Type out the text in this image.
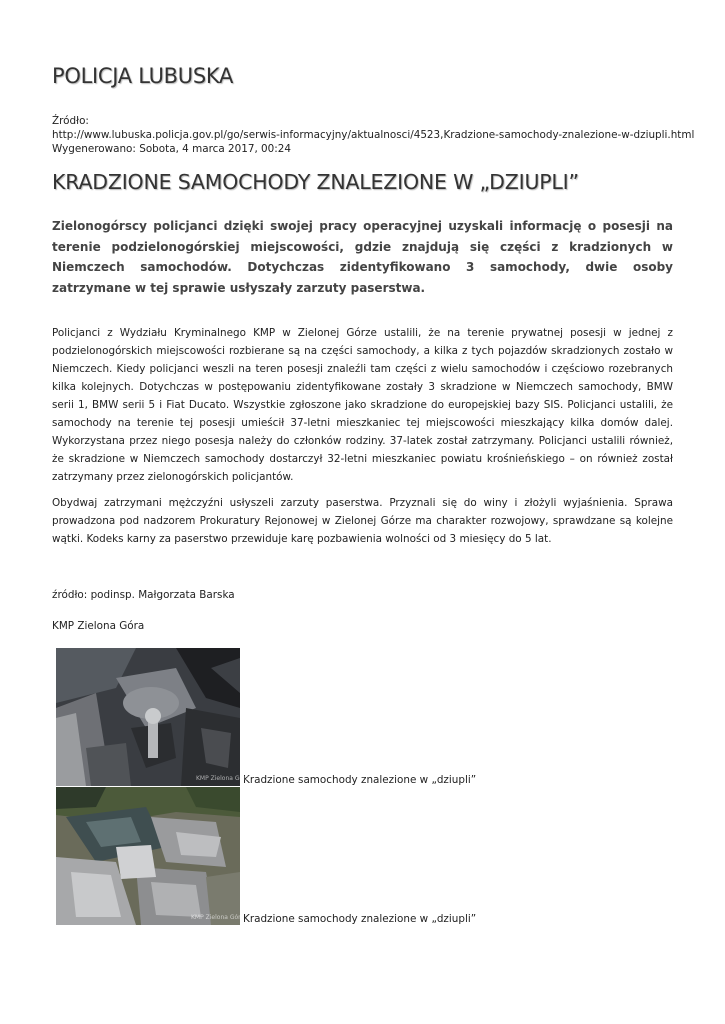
POLICJA LUBUSKA
Źródło:
http://www.lubuska.policja.gov.pl/go/serwis-informacyjny/aktualnosci/4523,Kradzione-samochody-znalezione-w-dziupli.html
Wygenerowano: Sobota, 4 marca 2017, 00:24
KRADZIONE SAMOCHODY ZNALEZIONE W „DZIUPLI”

Zielonogórscy policjanci dzięki swojej pracy operacyjnej uzyskali informację o posesji na terenie podzielonogórskiej miejscowości, gdzie znajdują się części z kradzionych w Niemczech samochodów. Dotychczas zidentyfikowano 3 samochody, dwie osoby zatrzymane w tej sprawie usłyszały zarzuty paserstwa.

Policjanci z Wydziału Kryminalnego KMP w Zielonej Górze ustalili, że na terenie prywatnej posesji w jednej z podzielonogórskich miejscowości rozbierane są na części samochody, a kilka z tych pojazdów skradzionych zostało w Niemczech. Kiedy policjanci weszli na teren posesji znaleźli tam części z wielu samochodów i częściowo rozebranych kilka kolejnych. Dotychczas w postępowaniu zidentyfikowane zostały 3 skradzione w Niemczech samochody, BMW serii 1, BMW serii 5 i Fiat Ducato. Wszystkie zgłoszone jako skradzione do europejskiej bazy SIS. Policjanci ustalili, że samochody na terenie tej posesji umieścił 37-letni mieszkaniec tej miejscowości mieszkający kilka domów dalej. Wykorzystana przez niego posesja należy do członków rodziny. 37-latek został zatrzymany. Policjanci ustalili również, że skradzione w Niemczech samochody dostarczył 32-letni mieszkaniec powiatu krośnieńskiego – on również został zatrzymany przez zielonogórskich policjantów.

Obydwaj zatrzymani mężczyźni usłyszeli zarzuty paserstwa. Przyznali się do winy i złożyli wyjaśnienia. Sprawa prowadzona pod nadzorem Prokuratury Rejonowej w Zielonej Górze ma charakter rozwojowy, sprawdzane są kolejne wątki. Kodeks karny za paserstwo przewiduje karę pozbawienia wolności od 3 miesięcy do 5 lat.

źródło: podinsp. Małgorzata Barska
KMP Zielona Góra
KMP Zielona Góra
Kradzione samochody znalezione w „dziupli”
KMP Zielona Góra
Kradzione samochody znalezione w „dziupli”
